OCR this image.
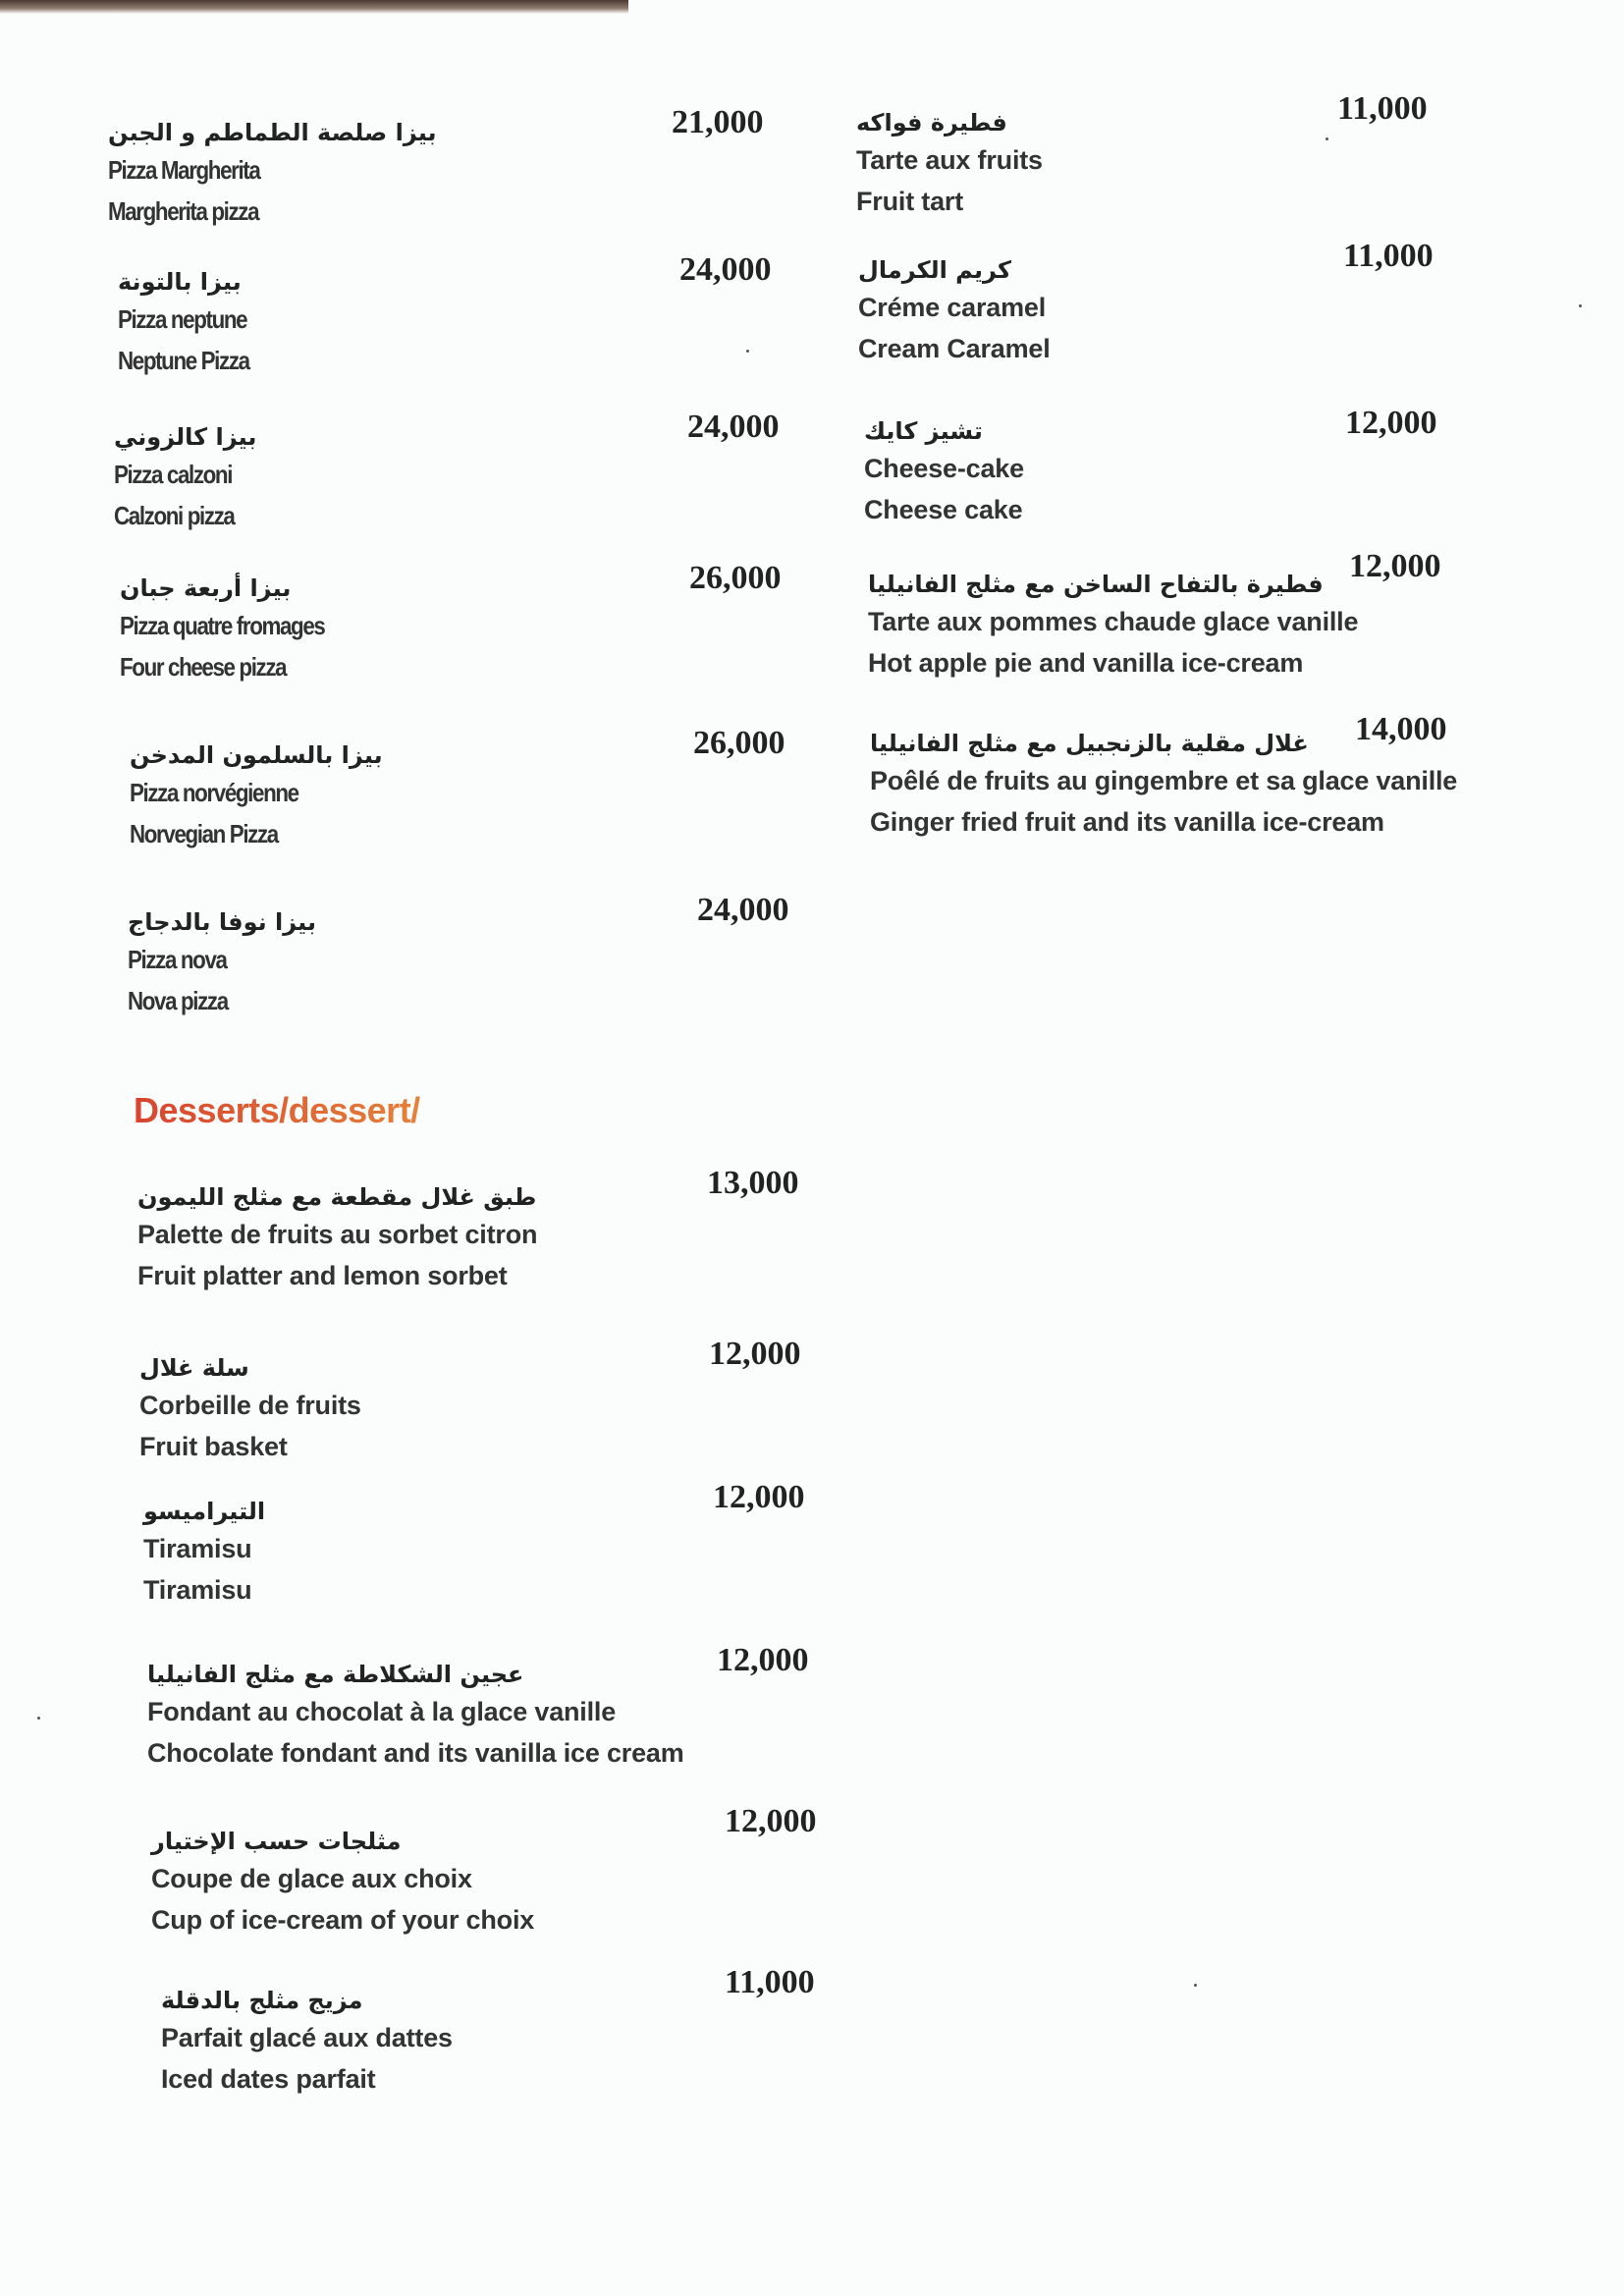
بيزا صلصة الطماطم و الجبن
Pizza Margherita
Margherita pizza
21,000
بيزا بالتونة
Pizza neptune
Neptune Pizza
24,000
بيزا كالزوني
Pizza calzoni
Calzoni pizza
24,000
بيزا أربعة جبان
Pizza quatre fromages
Four cheese pizza
26,000
بيزا بالسلمون المدخن
Pizza norvégienne
Norvegian Pizza
26,000
بيزا نوفا بالدجاج
Pizza nova
Nova pizza
24,000
Desserts/dessert/
طبق غلال مقطعة مع مثلج الليمون
Palette de fruits au sorbet citron
Fruit platter and lemon sorbet
13,000
سلة غلال
Corbeille de fruits
Fruit basket
12,000
التيراميسو
Tiramisu
Tiramisu
12,000
عجين الشكلاطة مع مثلج الفانيليا
Fondant au chocolat à la glace vanille
Chocolate fondant and its vanilla ice cream
12,000
مثلجات حسب الإختيار
Coupe de glace aux choix
Cup of ice-cream of your choix
12,000
مزيج مثلج بالدقلة
Parfait glacé aux dattes
Iced dates parfait
11,000
فطيرة فواكه
Tarte aux fruits
Fruit tart
11,000
كريم الكرمال
Créme caramel
Cream Caramel
11,000
تشيز كايك
Cheese-cake
Cheese cake
12,000
فطيرة بالتفاح الساخن مع مثلج الفانيليا
Tarte aux pommes chaude glace vanille
Hot apple pie and vanilla ice-cream
12,000
غلال مقلية بالزنجبيل مع مثلج الفانيليا
Poêlé de fruits au gingembre et sa glace vanille
Ginger fried fruit and its vanilla ice-cream
14,000
